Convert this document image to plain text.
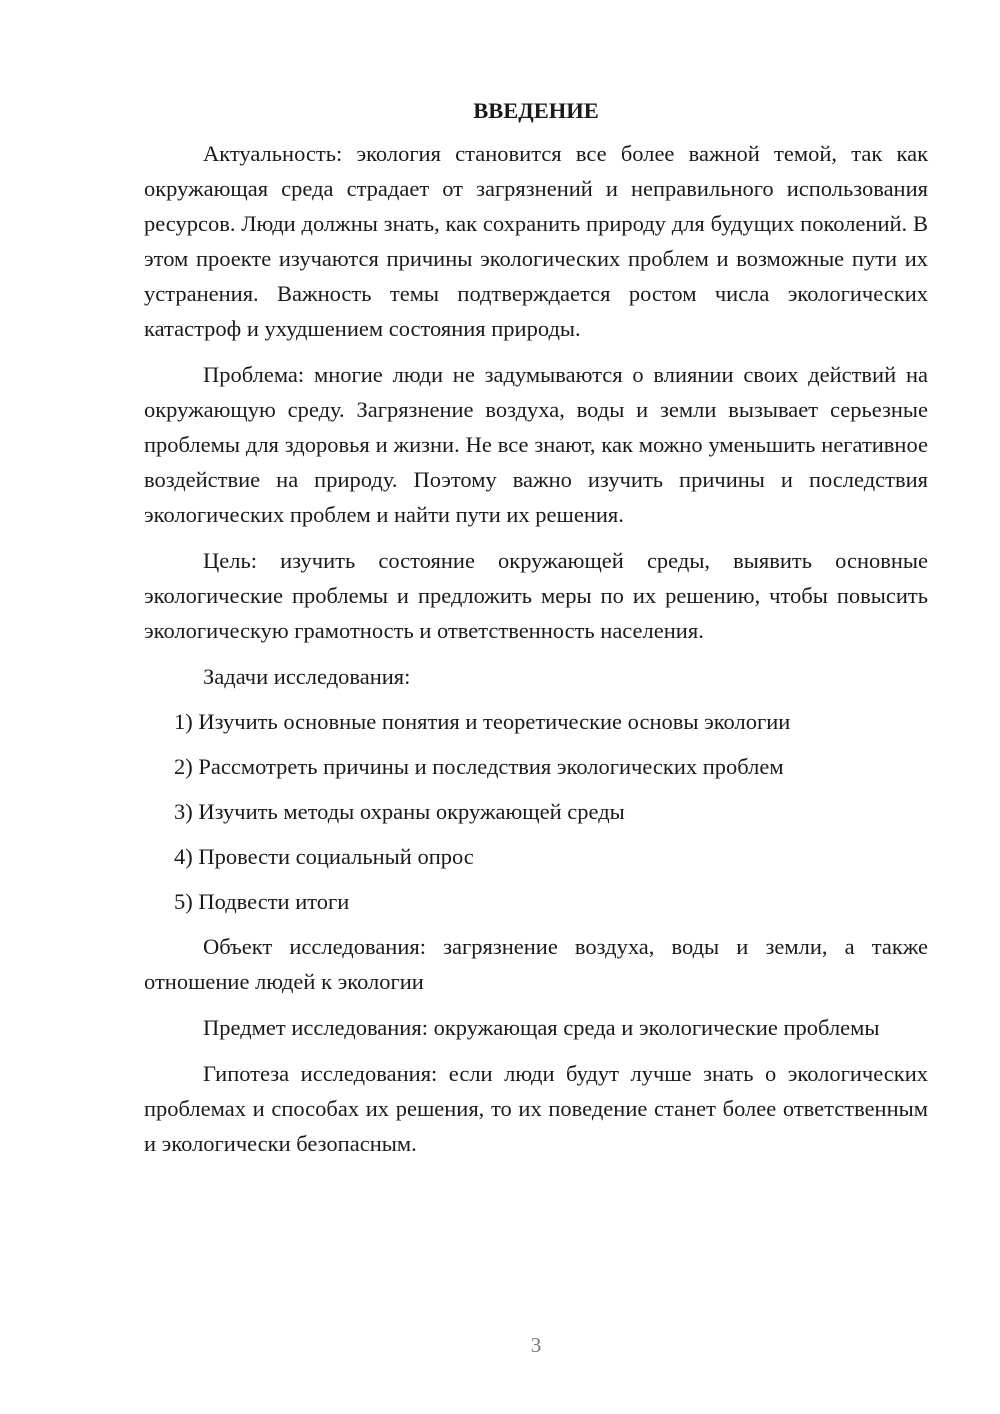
ВВЕДЕНИЕ

Актуальность: экология становится все более важной темой, так как окружающая среда страдает от загрязнений и неправильного использования ресурсов. Люди должны знать, как сохранить природу для будущих поколений. В этом проекте изучаются причины экологических проблем и возможные пути их устранения. Важность темы подтверждается ростом числа экологических катастроф и ухудшением состояния природы.

Проблема: многие люди не задумываются о влиянии своих действий на окружающую среду. Загрязнение воздуха, воды и земли вызывает серьезные проблемы для здоровья и жизни. Не все знают, как можно уменьшить негативное воздействие на природу. Поэтому важно изучить причины и последствия экологических проблем и найти пути их решения.

Цель: изучить состояние окружающей среды, выявить основные экологические проблемы и предложить меры по их решению, чтобы повысить экологическую грамотность и ответственность населения.

Задачи исследования:

1) Изучить основные понятия и теоретические основы экологии
2) Рассмотреть причины и последствия экологических проблем
3) Изучить методы охраны окружающей среды
4) Провести социальный опрос
5) Подвести итоги

Объект исследования: загрязнение воздуха, воды и земли, а также отношение людей к экологии

Предмет исследования: окружающая среда и экологические проблемы

Гипотеза исследования: если люди будут лучше знать о экологических проблемах и способах их решения, то их поведение станет более ответственным и экологически безопасным.

3
